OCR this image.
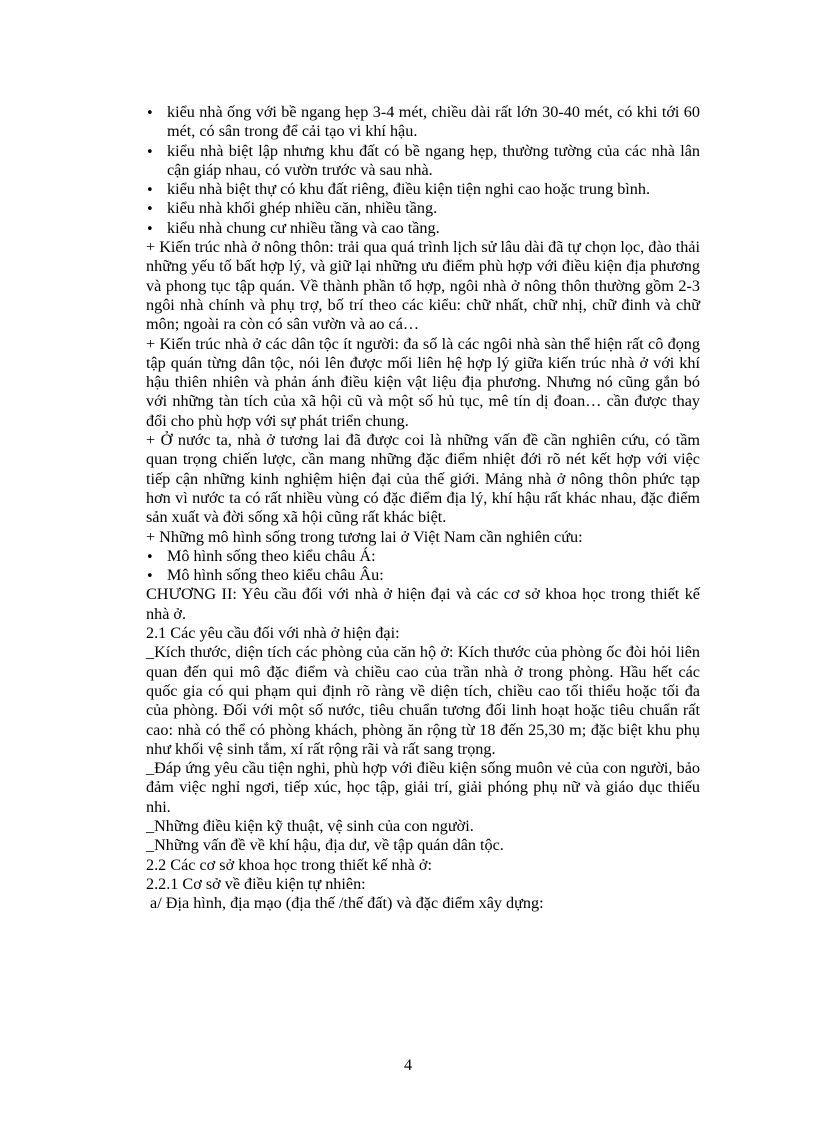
•
kiểu nhà ống với bề ngang hẹp 3-4 mét, chiều dài rất lớn 30-40 mét, có khi tới 60 mét, có sân trong để cải tạo vi khí hậu.
•
kiểu nhà biệt lập nhưng khu đất có bề ngang hẹp, thường tường của các nhà lân cận giáp nhau, có vườn trước và sau nhà.
•
kiểu nhà biệt thự có khu đất riêng, điều kiện tiện nghi cao hoặc trung bình.
•
kiểu nhà khối ghép nhiều căn, nhiều tầng.
•
kiểu nhà chung cư nhiều tầng và cao tầng.

+ Kiến trúc nhà ở nông thôn: trải qua quá trình lịch sử lâu dài đã tự chọn lọc, đào thải những yếu tố bất hợp lý, và giữ lại những ưu điểm phù hợp với điều kiện địa phương và phong tục tập quán. Về thành phần tổ hợp, ngôi nhà ở nông thôn thường gồm 2-3 ngôi nhà chính và phụ trợ, bố trí theo các kiểu: chữ nhất, chữ nhị, chữ đinh và chữ môn; ngoài ra còn có sân vườn và ao cá…

+ Kiến trúc nhà ở các dân tộc ít người: đa số là các ngôi nhà sàn thể hiện rất cô đọng tập quán từng dân tộc, nói lên được mối liên hệ hợp lý giữa kiến trúc nhà ở với khí hậu thiên nhiên và phản ánh điều kiện vật liệu địa phương. Nhưng nó cũng gắn bó với những tàn tích của xã hội cũ và một số hủ tục, mê tín dị đoan… cần được thay đổi cho phù hợp với sự phát triển chung.

+ Ở nước ta, nhà ở tương lai đã được coi là những vấn đề cần nghiên cứu, có tầm quan trọng chiến lược, cần mang những đặc điểm nhiệt đới rõ nét kết hợp với việc tiếp cận những kinh nghiệm hiện đại của thế giới. Mảng nhà ở nông thôn phức tạp hơn vì nước ta có rất nhiều vùng có đặc điểm địa lý, khí hậu rất khác nhau, đặc điểm sản xuất và đời sống xã hội cũng rất khác biệt.

+ Những mô hình sống trong tương lai ở Việt Nam cần nghiên cứu:

•
Mô hình sống theo kiểu châu Á:
•
Mô hình sống theo kiểu châu Âu:

CHƯƠNG II: Yêu cầu đối với nhà ở hiện đại và các cơ sở khoa học trong thiết kế nhà ở.

2.1 Các yêu cầu đối với nhà ở hiện đại:

_Kích thước, diện tích các phòng của căn hộ ở: Kích thước của phòng ốc đòi hỏi liên quan đến qui mô đặc điểm và chiều cao của trần nhà ở trong phòng. Hầu hết các quốc gia có qui phạm qui định rõ ràng về diện tích, chiều cao tối thiểu hoặc tối đa của phòng. Đối với một số nước, tiêu chuẩn tương đối linh hoạt hoặc tiêu chuẩn rất cao: nhà có thể có phòng khách, phòng ăn rộng từ 18 đến 25,30 m; đặc biệt khu phụ như khối vệ sinh tắm, xí rất rộng rãi và rất sang trọng.

_Đáp ứng yêu cầu tiện nghi, phù hợp với điều kiện sống muôn vẻ của con người, bảo đảm việc nghỉ ngơi, tiếp xúc, học tập, giải trí, giải phóng phụ nữ và giáo dục thiếu nhi.

_Những điều kiện kỹ thuật, vệ sinh của con người.

_Những vấn đề về khí hậu, địa dư, về tập quán dân tộc.

2.2 Các cơ sở khoa học trong thiết kế nhà ở:

2.2.1 Cơ sở về điều kiện tự nhiên:

a/ Địa hình, địa mạo (địa thế /thế đất) và đặc điểm xây dựng:

4
